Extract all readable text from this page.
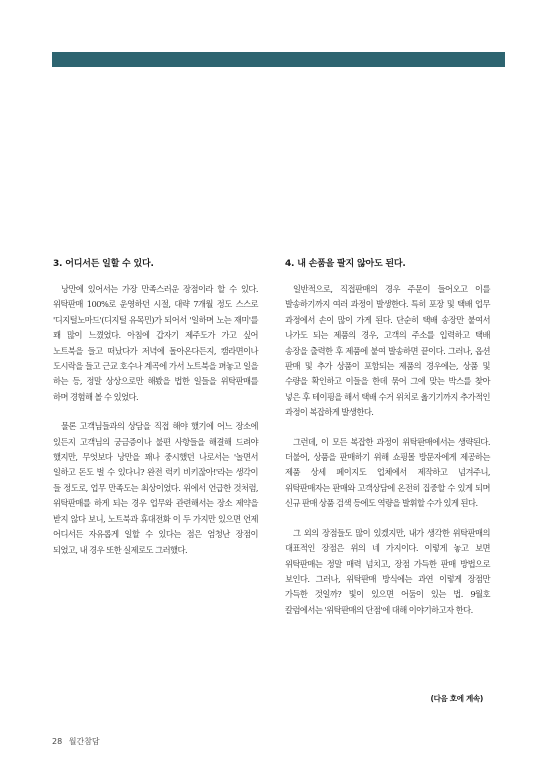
3. 어디서든 일할 수 있다.

낭만에 있어서는 가장 만족스러운 장점이라 할 수 있다. 위탁판매 100%로 운영하던 시절, 대략 7개월 정도 스스로 '디지털노마드'(디지털 유목민)가 되어서 '일하며 노는 재미'를 꽤 많이 느꼈었다. 아침에 갑자기 제주도가 가고 싶어 노트북을 들고 떠났다가 저녁에 돌아온다든지, 캠라면이나 도시락을 들고 근교 호수나 계곡에 가서 노트북을 펴놓고 일을 하는 등, 정말 상상으로만 해봤을 법한 일들을 위탁판매를 하며 경험해 볼 수 있었다.

물론 고객님들과의 상담을 직접 해야 했기에 어느 장소에 있든지 고객님의 궁금증이나 불편 사항들을 해결해 드려야 했지만, 무엇보다 낭만을 꽤나 중시했던 나로서는 '놀면서 일하고 돈도 벌 수 있다니? 완전 럭키 비키잖아!'라는 생각이 들 정도로, 업무 만족도는 최상이었다. 위에서 언급한 것처럼, 위탁판매를 하게 되는 경우 업무와 관련해서는 장소 제약을 받지 않다 보니, 노트북과 휴대전화 이 두 가지만 있으면 언제 어디서든 자유롭게 일할 수 있다는 점은 엄청난 장점이 되었고, 내 경우 또한 실제로도 그러했다.

4. 내 손품을 팔지 않아도 된다.

일반적으로, 직접판매의 경우 주문이 들어오고 이를 발송하기까지 여러 과정이 발생한다. 특히 포장 및 택배 업무 과정에서 손이 많이 가게 된다. 단순히 택배 송장만 붙여서 나가도 되는 제품의 경우, 고객의 주소를 입력하고 택배 송장을 출력한 후 제품에 붙여 발송하면 끝이다. 그러나, 옵션 판매 및 추가 상품이 포함되는 제품의 경우에는, 상품 및 수량을 확인하고 이들을 한데 묶어 그에 맞는 박스를 찾아 넣은 후 테이핑을 해서 택배 수거 위치로 옮기기까지 추가적인 과정이 복잡하게 발생한다.

그런데, 이 모든 복잡한 과정이 위탁판매에서는 생략된다. 더불어, 상품을 판매하기 위해 쇼핑몰 방문자에게 제공하는 제품 상세 페이지도 업체에서 제작하고 넘겨주니, 위탁판매자는 판매와 고객상담에 온전히 집중할 수 있게 되며 신규 판매 상품 검색 등에도 역량을 발휘할 수가 있게 된다.

그 외의 장점들도 많이 있겠지만, 내가 생각한 위탁판매의 대표적인 장점은 위의 네 가지이다. 이렇게 놓고 보면 위탁판매는 정말 매력 넘치고, 장점 가득한 판매 방법으로 보인다. 그러나, 위탁판매 방식에는 과연 이렇게 장점만 가득한 것일까? 빛이 있으면 어둠이 있는 법. 9월호 칼럼에서는 '위탁판매의 단점'에 대해 이야기하고자 한다.

(다음 호에 계속)
28 월간참담
